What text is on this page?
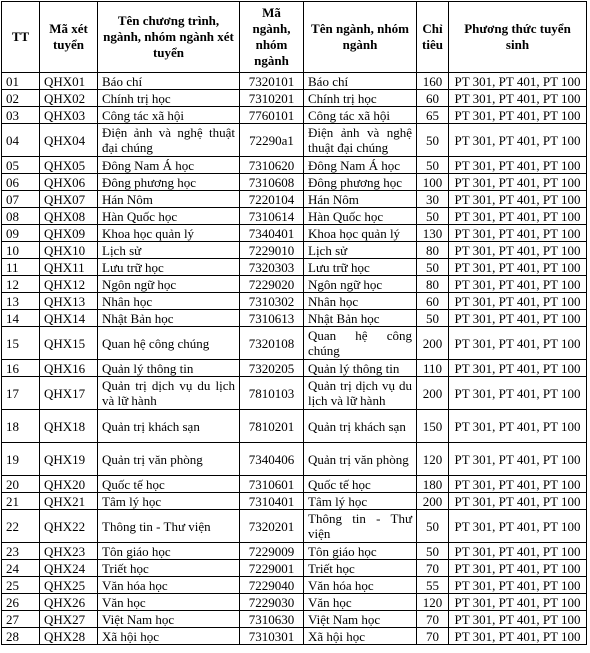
TT	Mã xét tuyển	Tên chương trình, ngành, nhóm ngành xét tuyển	Mã ngành, nhóm ngành	Tên ngành, nhóm ngành	Chỉ tiêu	Phương thức tuyển sinh
01	QHX01	Báo chí	7320101	Báo chí	160	PT 301, PT 401, PT 100
02	QHX02	Chính trị học	7310201	Chính trị học	60	PT 301, PT 401, PT 100
03	QHX03	Công tác xã hội	7760101	Công tác xã hội	65	PT 301, PT 401, PT 100
04	QHX04	Điện ảnh và nghệ thuật đại chúng	72290a1	Điện ảnh và nghệ thuật đại chúng	50	PT 301, PT 401, PT 100
05	QHX05	Đông Nam Á học	7310620	Đông Nam Á học	50	PT 301, PT 401, PT 100
06	QHX06	Đông phương học	7310608	Đông phương học	100	PT 301, PT 401, PT 100
07	QHX07	Hán Nôm	7220104	Hán Nôm	30	PT 301, PT 401, PT 100
08	QHX08	Hàn Quốc học	7310614	Hàn Quốc học	50	PT 301, PT 401, PT 100
09	QHX09	Khoa học quản lý	7340401	Khoa học quản lý	130	PT 301, PT 401, PT 100
10	QHX10	Lịch sử	7229010	Lịch sử	80	PT 301, PT 401, PT 100
11	QHX11	Lưu trữ học	7320303	Lưu trữ học	50	PT 301, PT 401, PT 100
12	QHX12	Ngôn ngữ học	7229020	Ngôn ngữ học	80	PT 301, PT 401, PT 100
13	QHX13	Nhân học	7310302	Nhân học	60	PT 301, PT 401, PT 100
14	QHX14	Nhật Bản học	7310613	Nhật Bản học	50	PT 301, PT 401, PT 100
15	QHX15	Quan hệ công chúng	7320108	Quan hệ công chúng	200	PT 301, PT 401, PT 100
16	QHX16	Quản lý thông tin	7320205	Quản lý thông tin	110	PT 301, PT 401, PT 100
17	QHX17	Quản trị dịch vụ du lịch và lữ hành	7810103	Quản trị dịch vụ du lịch và lữ hành	200	PT 301, PT 401, PT 100
18	QHX18	Quản trị khách sạn	7810201	Quản trị khách sạn	150	PT 301, PT 401, PT 100
19	QHX19	Quản trị văn phòng	7340406	Quản trị văn phòng	120	PT 301, PT 401, PT 100
20	QHX20	Quốc tế học	7310601	Quốc tế học	180	PT 301, PT 401, PT 100
21	QHX21	Tâm lý học	7310401	Tâm lý học	200	PT 301, PT 401, PT 100
22	QHX22	Thông tin - Thư viện	7320201	Thông tin - Thư viện	50	PT 301, PT 401, PT 100
23	QHX23	Tôn giáo học	7229009	Tôn giáo học	50	PT 301, PT 401, PT 100
24	QHX24	Triết học	7229001	Triết học	70	PT 301, PT 401, PT 100
25	QHX25	Văn hóa học	7229040	Văn hóa học	55	PT 301, PT 401, PT 100
26	QHX26	Văn học	7229030	Văn học	120	PT 301, PT 401, PT 100
27	QHX27	Việt Nam học	7310630	Việt Nam học	70	PT 301, PT 401, PT 100
28	QHX28	Xã hội học	7310301	Xã hội học	70	PT 301, PT 401, PT 100
